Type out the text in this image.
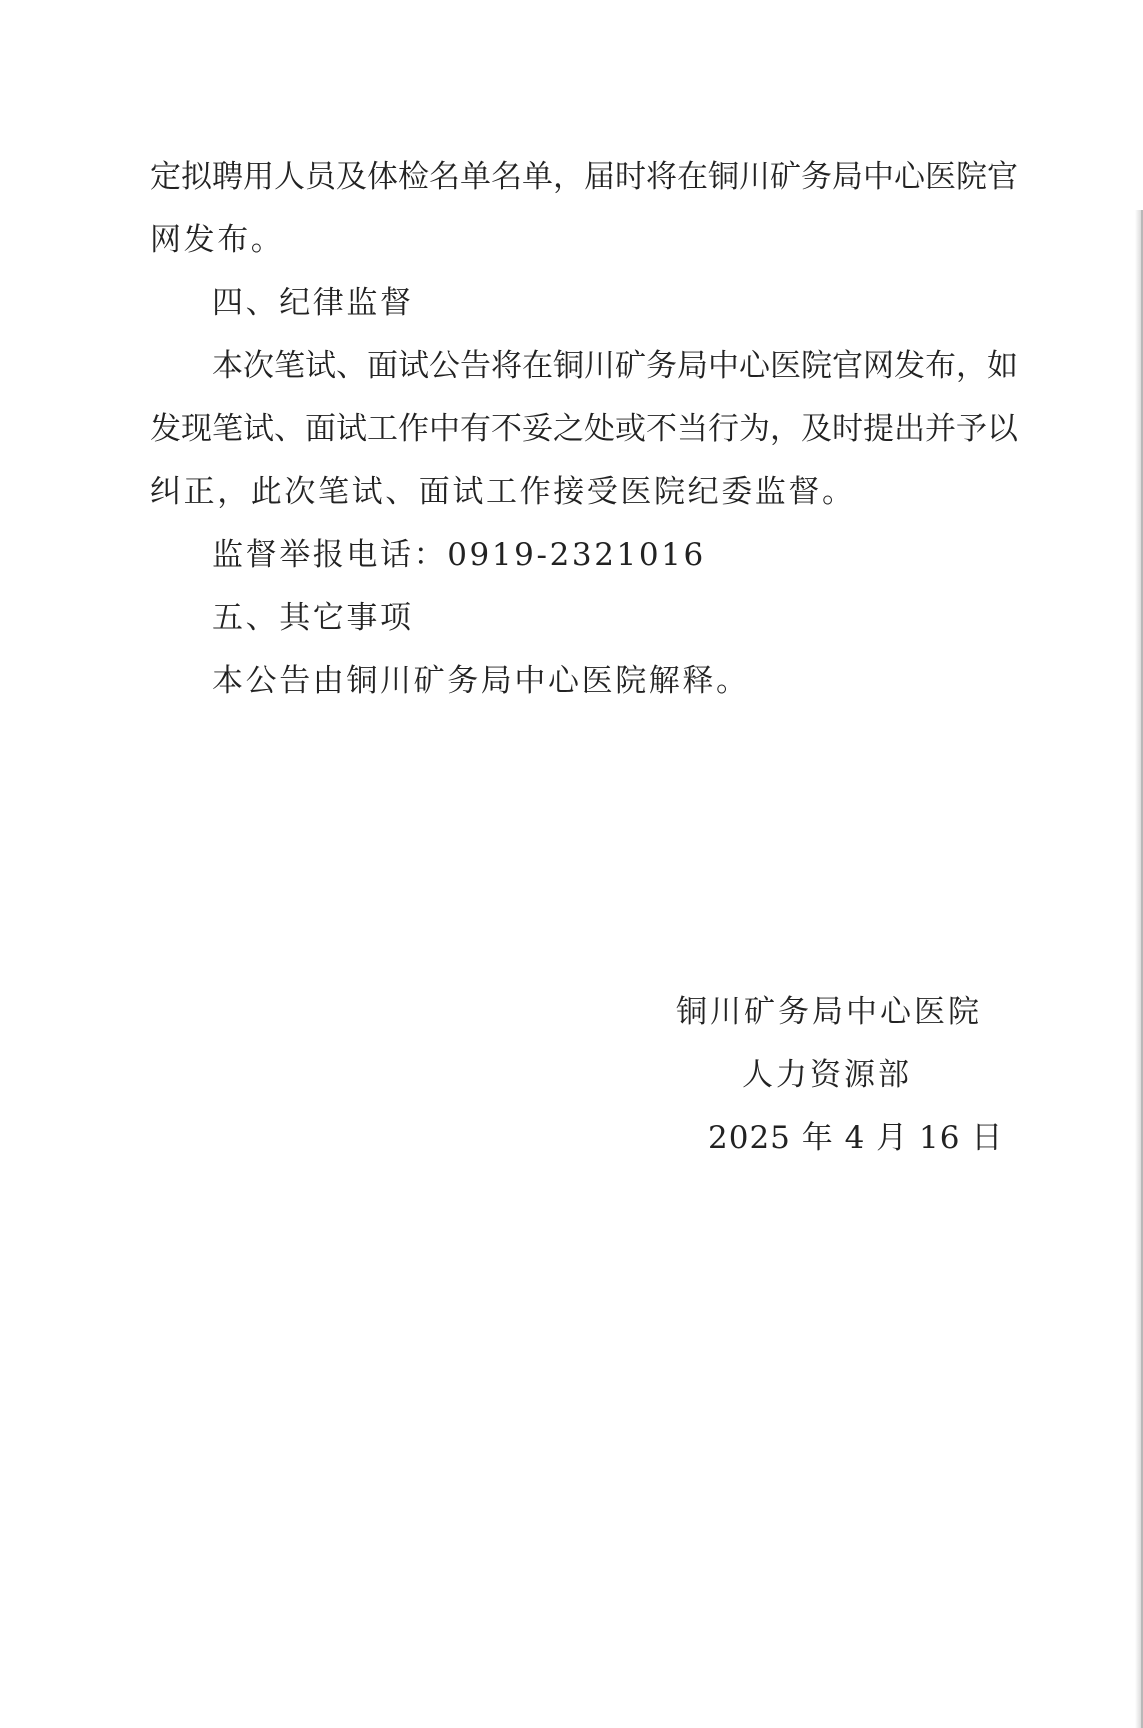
定拟聘用人员及体检名单名单，届时将在铜川矿务局中心医院官
网发布。
四、纪律监督
本次笔试、面试公告将在铜川矿务局中心医院官网发布，如
发现笔试、面试工作中有不妥之处或不当行为，及时提出并予以
纠正，此次笔试、面试工作接受医院纪委监督。
监督举报电话：0919-2321016
五、其它事项
本公告由铜川矿务局中心医院解释。
铜川矿务局中心医院
人力资源部
2025 年 4 月 16 日
